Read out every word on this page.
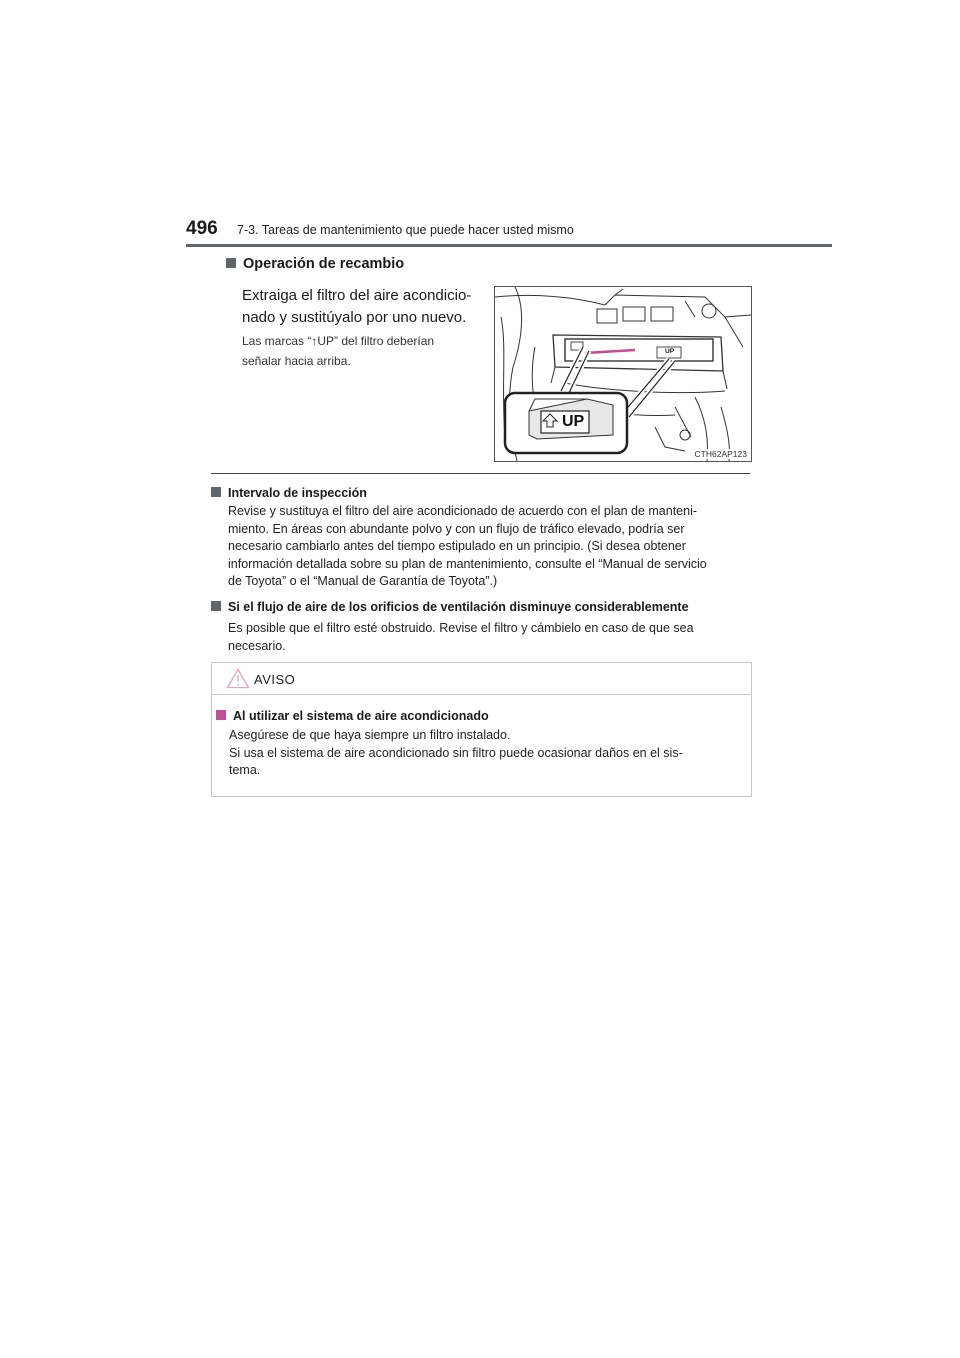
496 7-3. Tareas de mantenimiento que puede hacer usted mismo
Operación de recambio
Extraiga el filtro del aire acondicio-
nado y sustitúyalo por uno nuevo.
Las marcas “↑UP” del filtro deberían
señalar hacia arriba.
UP
UP
CTH62AP123
Intervalo de inspección
Revise y sustituya el filtro del aire acondicionado de acuerdo con el plan de manteni-
miento. En áreas con abundante polvo y con un flujo de tráfico elevado, podría ser
necesario cambiarlo antes del tiempo estipulado en un principio. (Si desea obtener
información detallada sobre su plan de mantenimiento, consulte el “Manual de servicio
de Toyota” o el “Manual de Garantía de Toyota”.)
Si el flujo de aire de los orificios de ventilación disminuye considerablemente
Es posible que el filtro esté obstruido. Revise el filtro y cámbielo en caso de que sea
necesario.
AVISO
Al utilizar el sistema de aire acondicionado
Asegúrese de que haya siempre un filtro instalado.
Si usa el sistema de aire acondicionado sin filtro puede ocasionar daños en el sis-
tema.
